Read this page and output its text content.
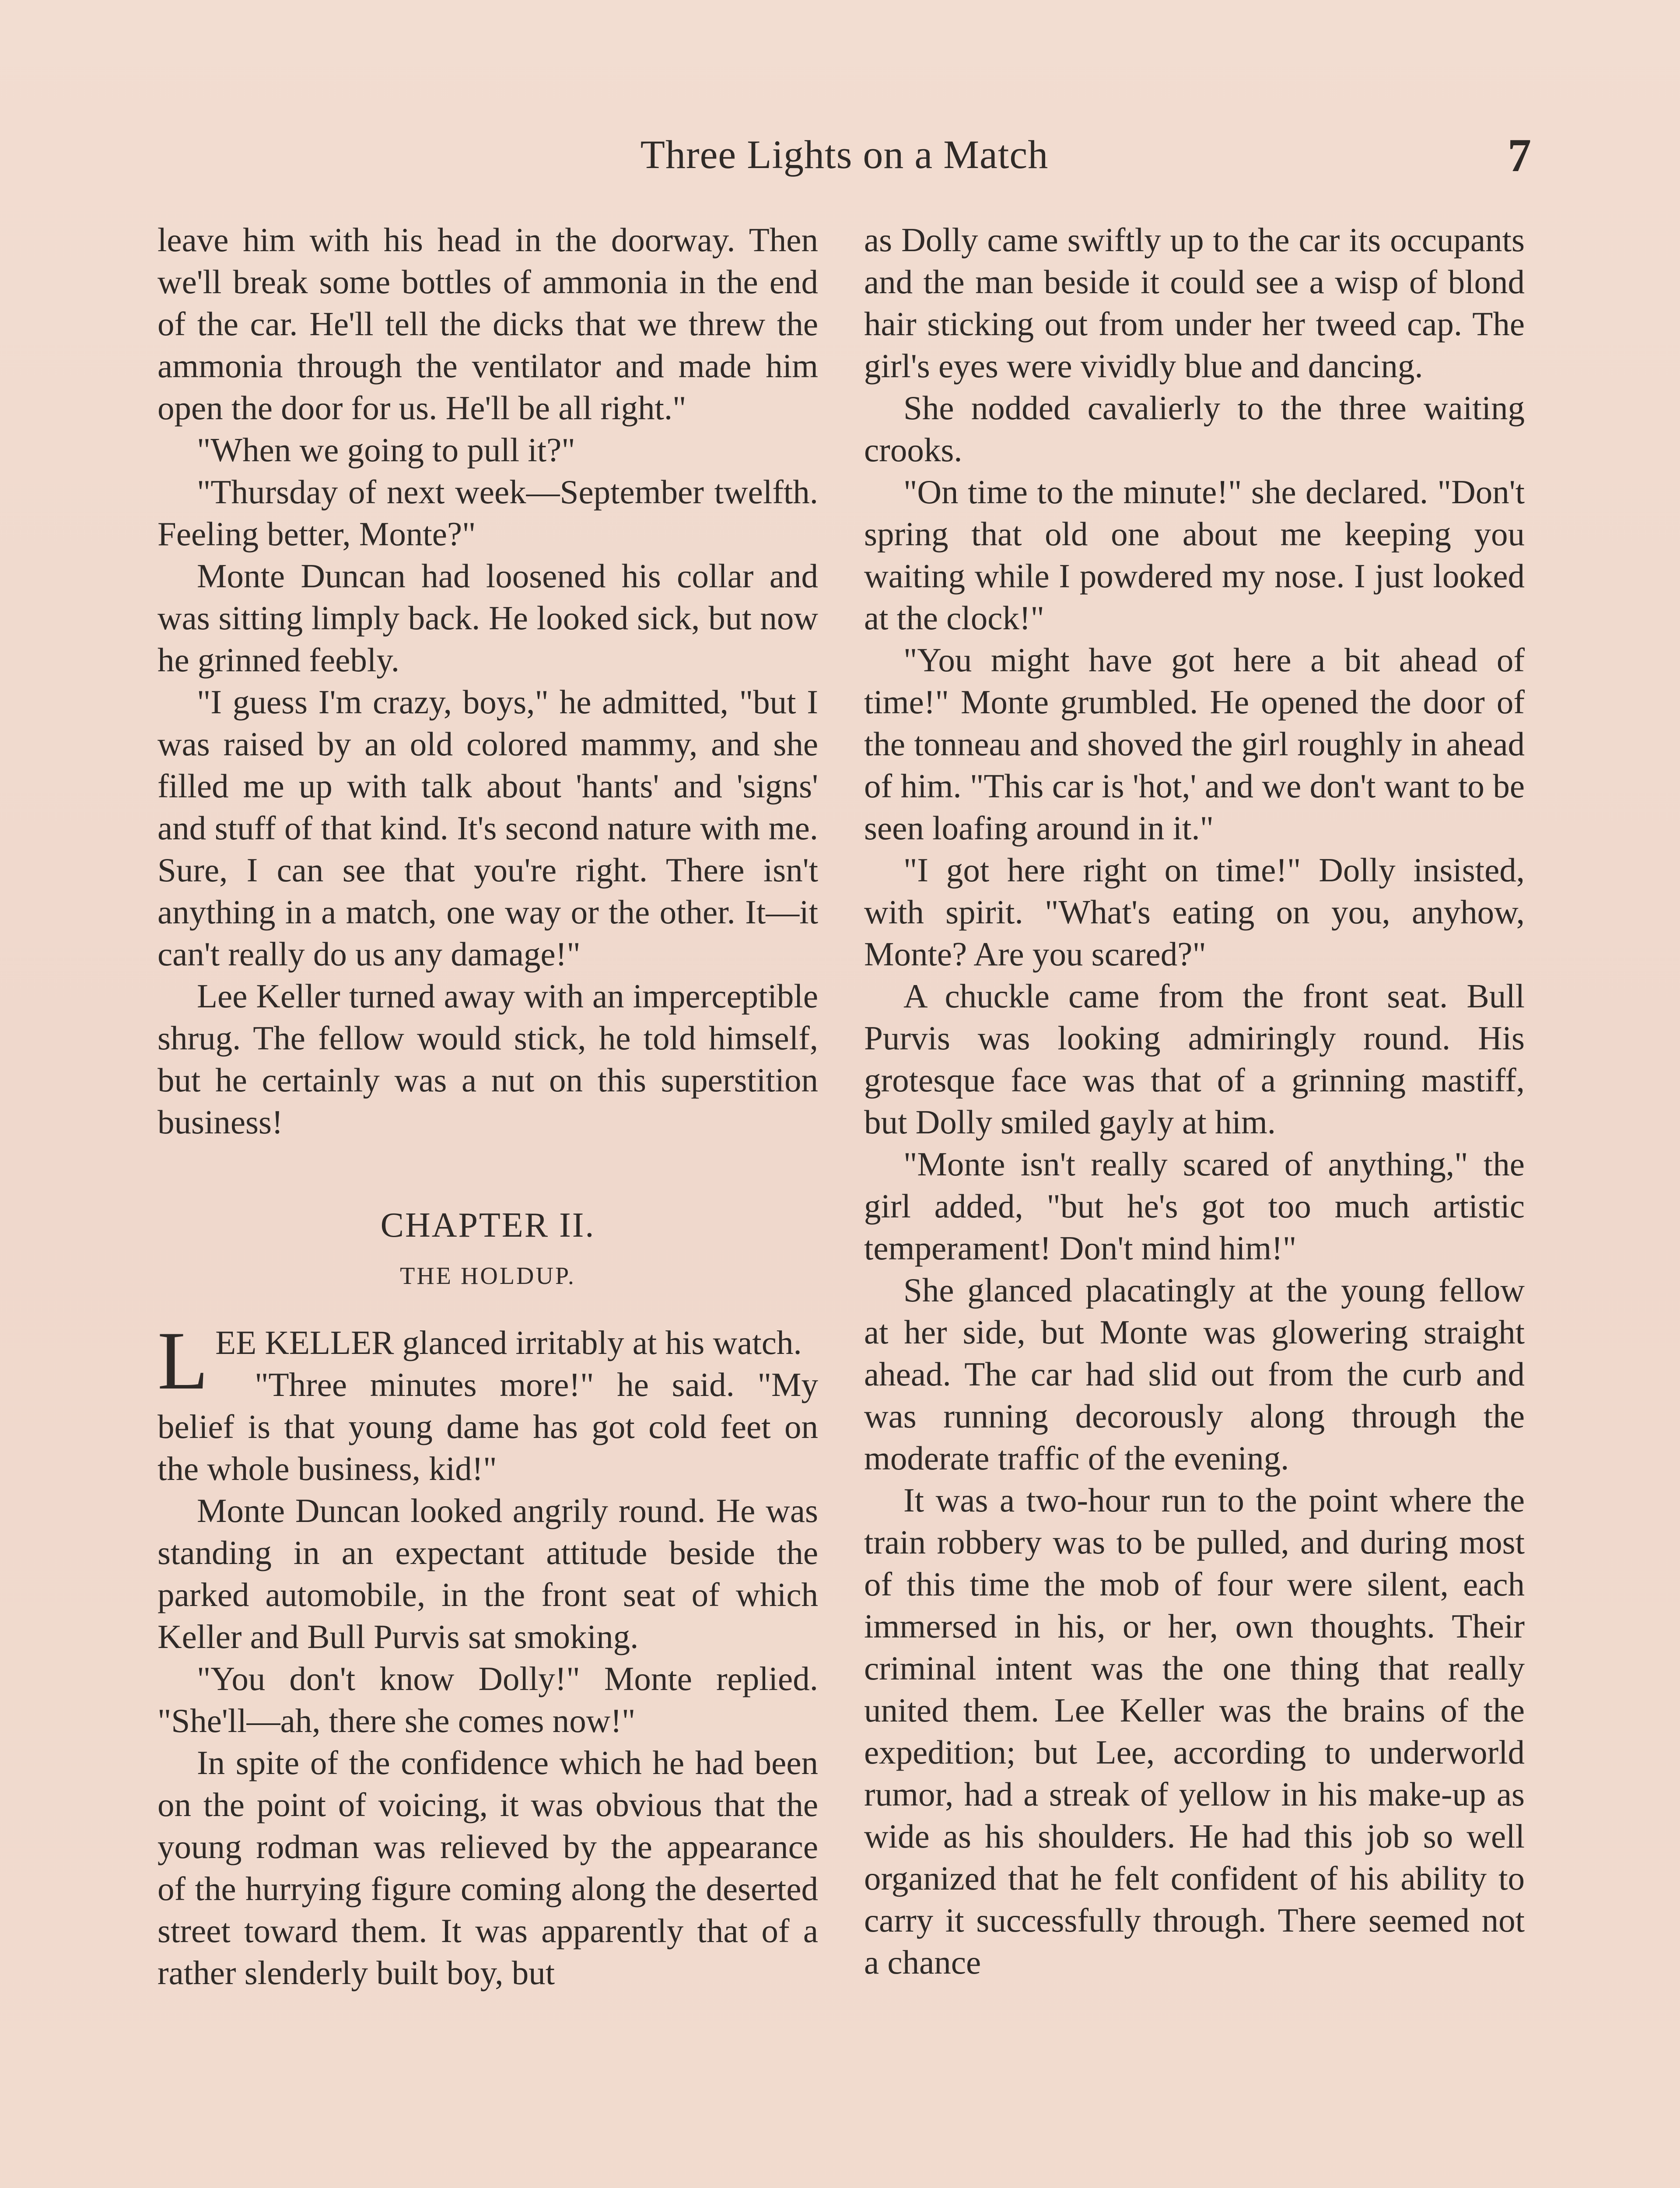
Three Lights on a Match	7

leave him with his head in the doorway. Then we'll break some bottles of ammonia in the end of the car. He'll tell the dicks that we threw the ammonia through the ventilator and made him open the door for us. He'll be all right."

"When we going to pull it?"

"Thursday of next week—September twelfth. Feeling better, Monte?"

Monte Duncan had loosened his collar and was sitting limply back. He looked sick, but now he grinned feebly.

"I guess I'm crazy, boys," he admitted, "but I was raised by an old colored mammy, and she filled me up with talk about 'hants' and 'signs' and stuff of that kind. It's second nature with me. Sure, I can see that you're right. There isn't anything in a match, one way or the other. It—it can't really do us any damage!"

Lee Keller turned away with an imperceptible shrug. The fellow would stick, he told himself, but he certainly was a nut on this superstition business!

CHAPTER II.
THE HOLDUP.

LEE KELLER glanced irritably at his watch.

"Three minutes more!" he said. "My belief is that young dame has got cold feet on the whole business, kid!"

Monte Duncan looked angrily round. He was standing in an expectant attitude beside the parked automobile, in the front seat of which Keller and Bull Purvis sat smoking.

"You don't know Dolly!" Monte replied. "She'll—ah, there she comes now!"

In spite of the confidence which he had been on the point of voicing, it was obvious that the young rodman was relieved by the appearance of the hurrying figure coming along the deserted street toward them. It was apparently that of a rather slenderly built boy, but

as Dolly came swiftly up to the car its occupants and the man beside it could see a wisp of blond hair sticking out from under her tweed cap. The girl's eyes were vividly blue and dancing.

She nodded cavalierly to the three waiting crooks.

"On time to the minute!" she declared. "Don't spring that old one about me keeping you waiting while I powdered my nose. I just looked at the clock!"

"You might have got here a bit ahead of time!" Monte grumbled. He opened the door of the tonneau and shoved the girl roughly in ahead of him. "This car is 'hot,' and we don't want to be seen loafing around in it."

"I got here right on time!" Dolly insisted, with spirit. "What's eating on you, anyhow, Monte? Are you scared?"

A chuckle came from the front seat. Bull Purvis was looking admiringly round. His grotesque face was that of a grinning mastiff, but Dolly smiled gayly at him.

"Monte isn't really scared of anything," the girl added, "but he's got too much artistic temperament! Don't mind him!"

She glanced placatingly at the young fellow at her side, but Monte was glowering straight ahead. The car had slid out from the curb and was running decorously along through the moderate traffic of the evening.

It was a two-hour run to the point where the train robbery was to be pulled, and during most of this time the mob of four were silent, each immersed in his, or her, own thoughts. Their criminal intent was the one thing that really united them. Lee Keller was the brains of the expedition; but Lee, according to underworld rumor, had a streak of yellow in his make-up as wide as his shoulders. He had this job so well organized that he felt confident of his ability to carry it successfully through. There seemed not a chance
